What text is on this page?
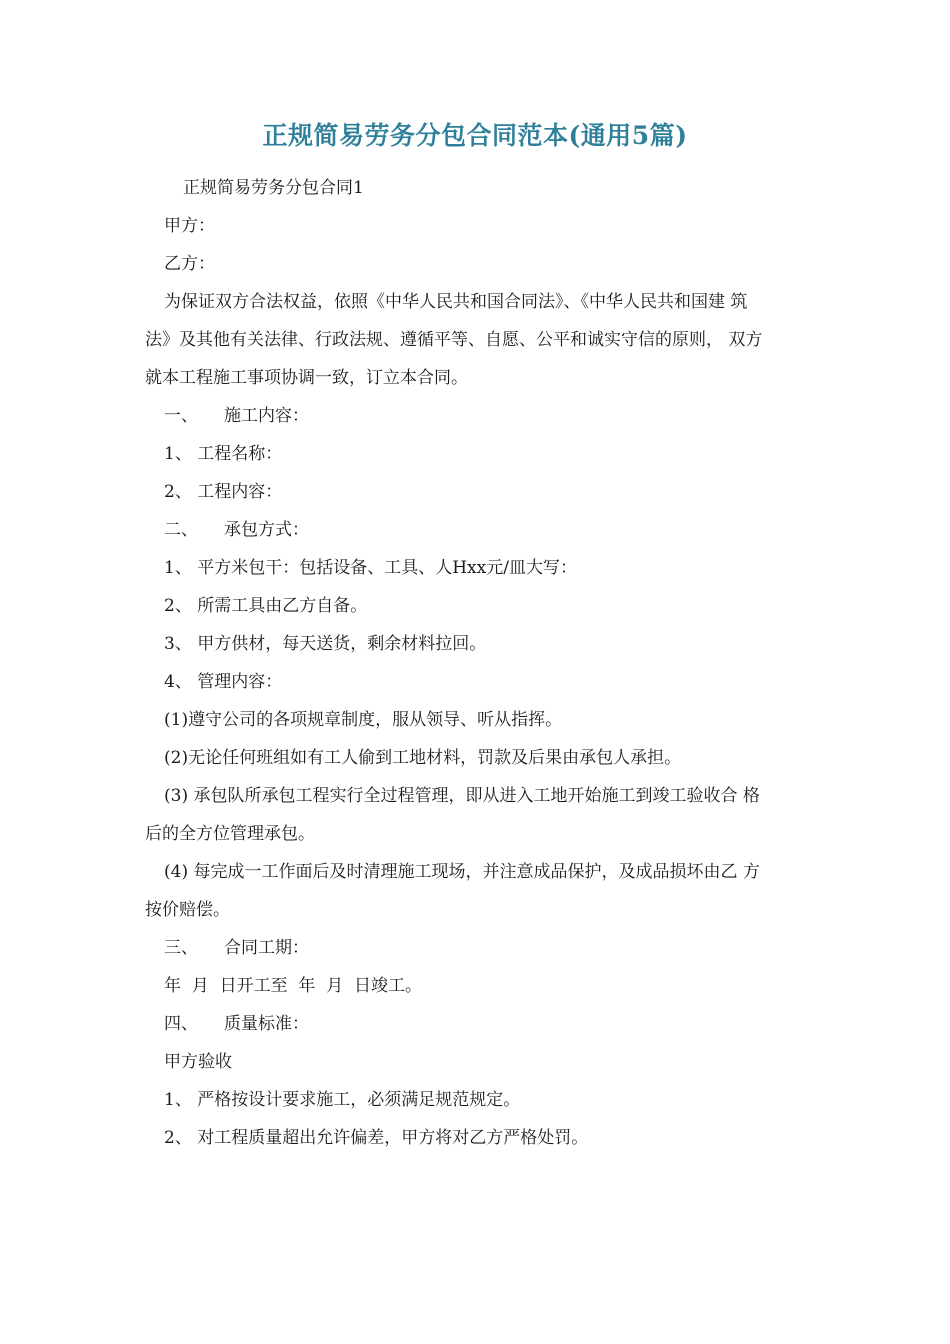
正规简易劳务分包合同范本(通用5篇)
正规简易劳务分包合同1
甲方：
乙方：
为保证双方合法权益，依照《中华人民共和国合同法》、《中华人民共和国建 筑
法》及其他有关法律、行政法规、遵循平等、自愿、公平和诚实守信的原则， 双方
就本工程施工事项协调一致，订立本合同。
一、 施工内容：
1、 工程名称：
2、 工程内容：
二、 承包方式：
1、 平方米包干：包括设备、工具、人Hxx元/皿大写：
2、 所需工具由乙方自备。
3、 甲方供材，每天送货，剩余材料拉回。
4、 管理内容：
(1)遵守公司的各项规章制度，服从领导、听从指挥。
(2)无论任何班组如有工人偷到工地材料，罚款及后果由承包人承担。
(3) 承包队所承包工程实行全过程管理，即从进入工地开始施工到竣工验收合 格
后的全方位管理承包。
(4) 每完成一工作面后及时清理施工现场，并注意成品保护，及成品损坏由乙 方
按价赔偿。
三、 合同工期：
年  月  日开工至  年  月  日竣工。
四、 质量标准：
甲方验收
1、 严格按设计要求施工，必须满足规范规定。
2、 对工程质量超出允许偏差，甲方将对乙方严格处罚。
